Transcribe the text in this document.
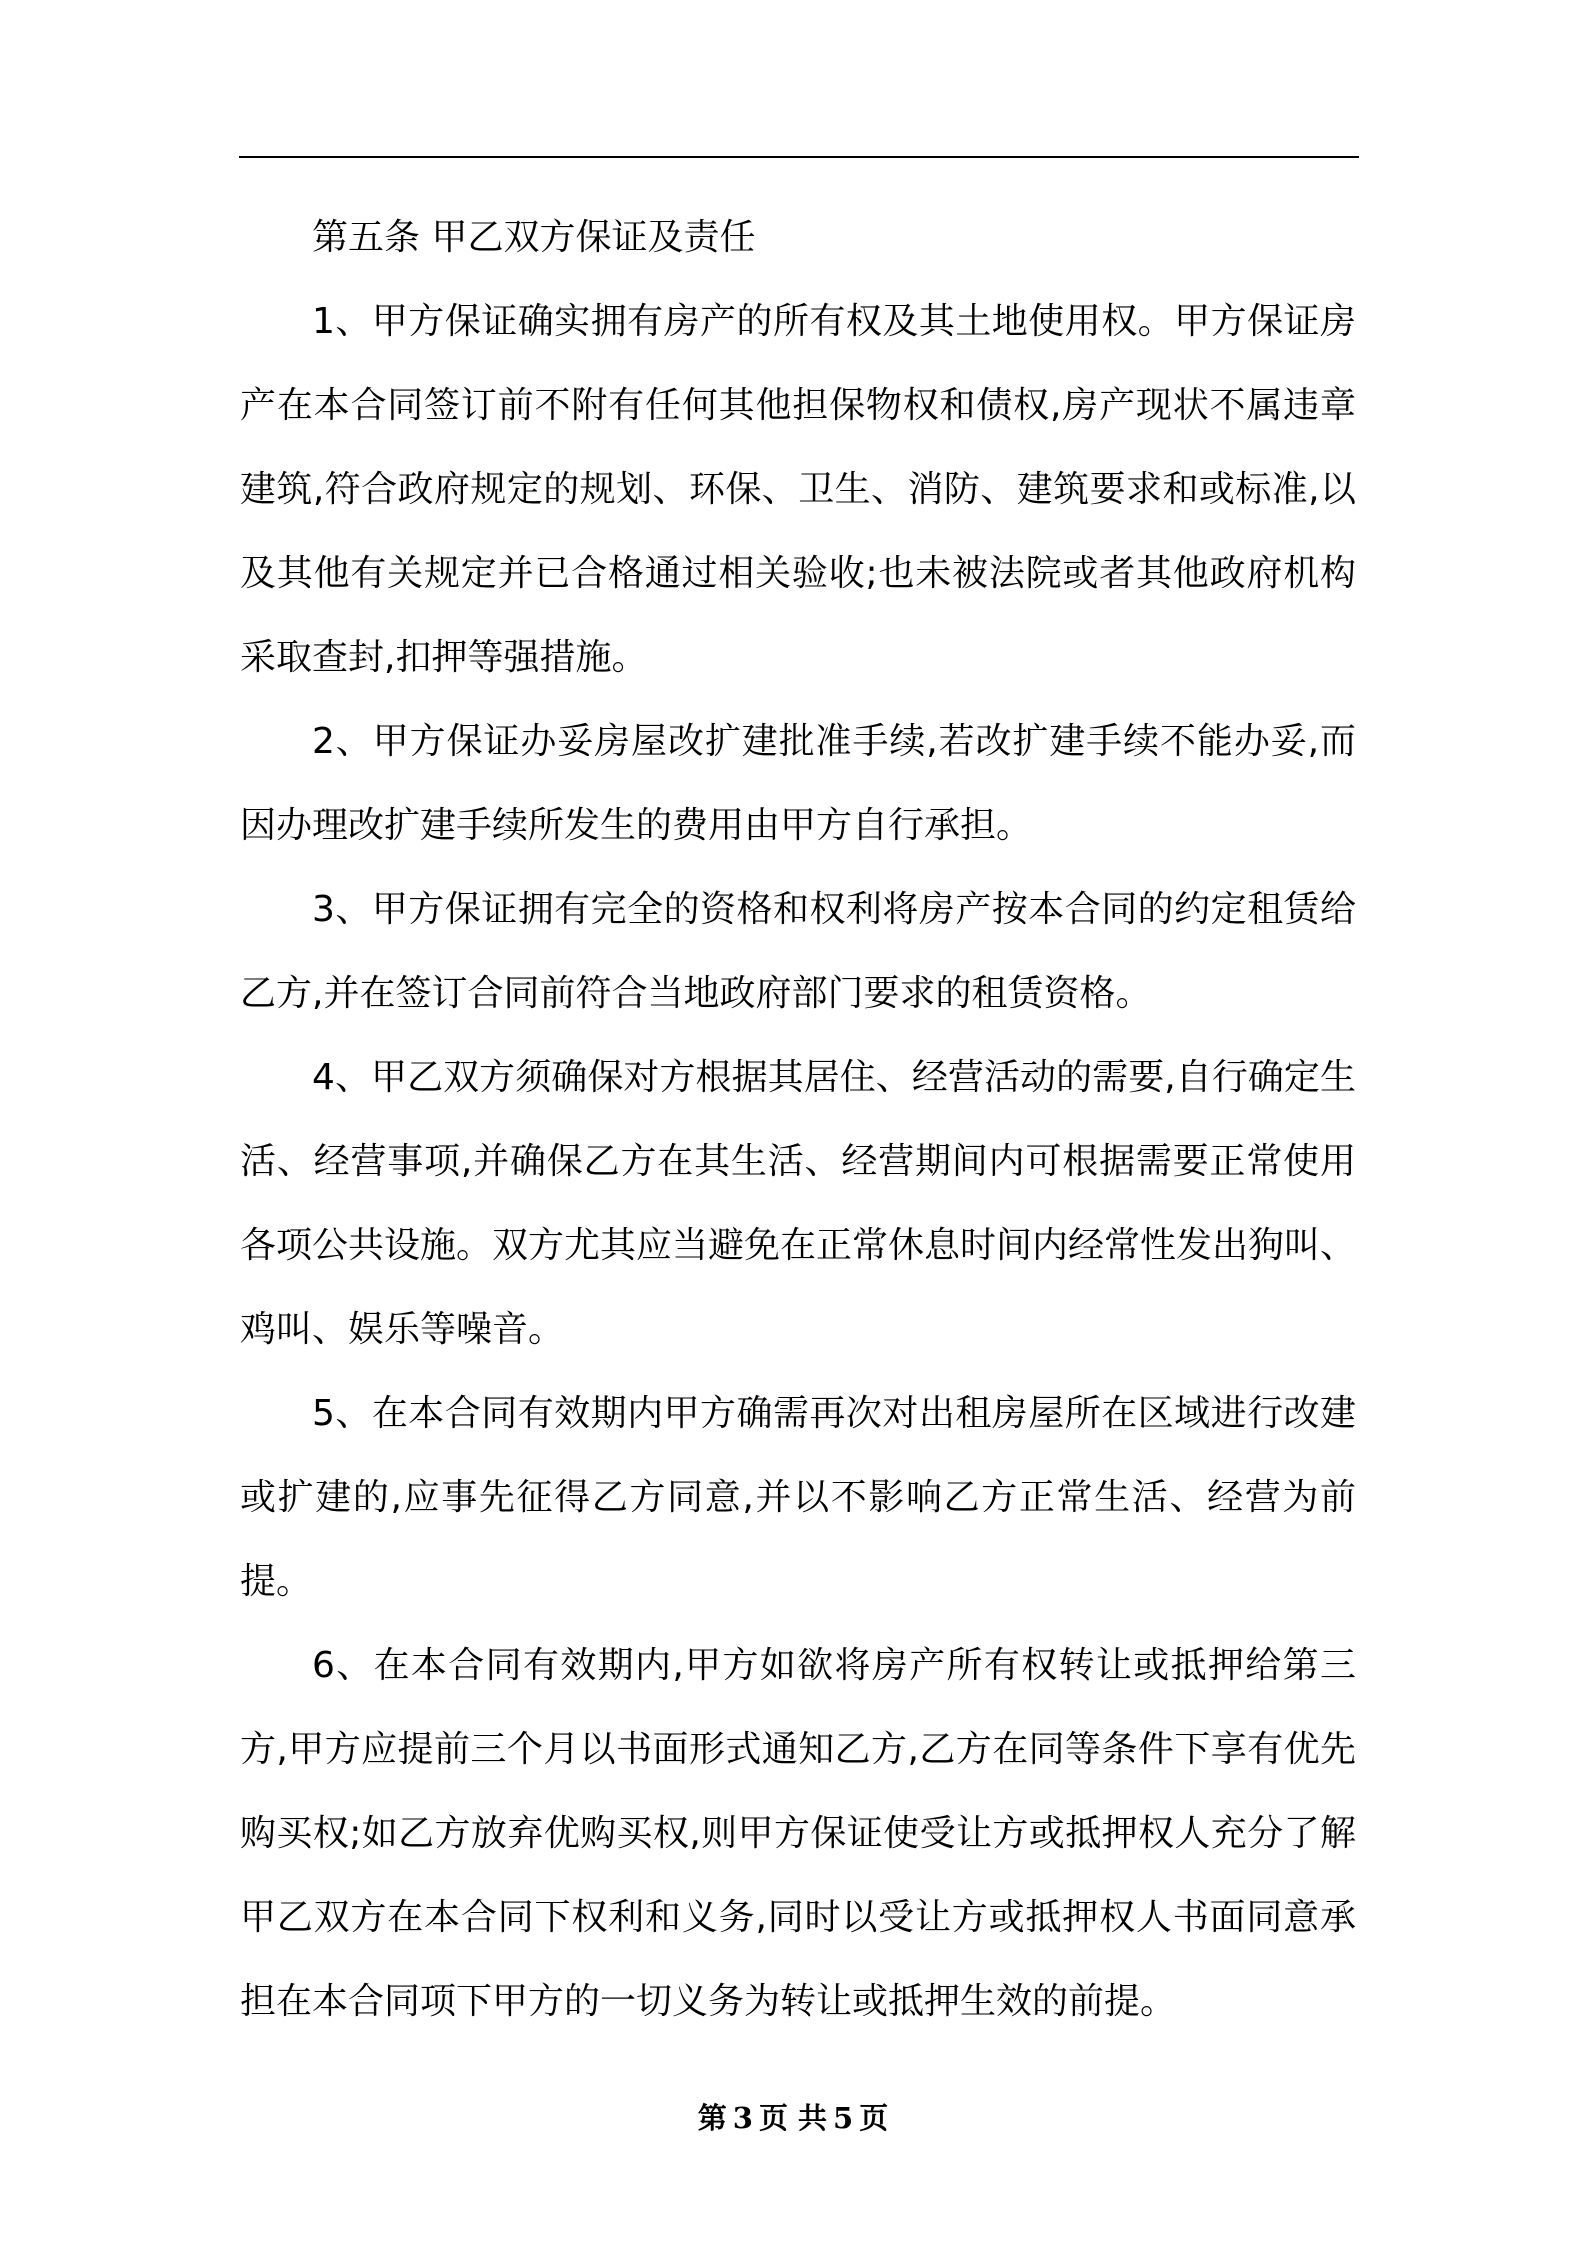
第五条 甲乙双方保证及责任

1、甲方保证确实拥有房产的所有权及其土地使用权。甲方保证房产在本合同签订前不附有任何其他担保物权和债权,房产现状不属违章建筑,符合政府规定的规划、环保、卫生、消防、建筑要求和或标准,以及其他有关规定并已合格通过相关验收;也未被法院或者其他政府机构采取查封,扣押等强措施。

2、甲方保证办妥房屋改扩建批准手续,若改扩建手续不能办妥,而因办理改扩建手续所发生的费用由甲方自行承担。

3、甲方保证拥有完全的资格和权利将房产按本合同的约定租赁给乙方,并在签订合同前符合当地政府部门要求的租赁资格。

4、甲乙双方须确保对方根据其居住、经营活动的需要,自行确定生活、经营事项,并确保乙方在其生活、经营期间内可根据需要正常使用各项公共设施。双方尤其应当避免在正常休息时间内经常性发出狗叫、鸡叫、娱乐等噪音。

5、在本合同有效期内甲方确需再次对出租房屋所在区域进行改建或扩建的,应事先征得乙方同意,并以不影响乙方正常生活、经营为前提。

6、在本合同有效期内,甲方如欲将房产所有权转让或抵押给第三方,甲方应提前三个月以书面形式通知乙方,乙方在同等条件下享有优先购买权;如乙方放弃优购买权,则甲方保证使受让方或抵押权人充分了解甲乙双方在本合同下权利和义务,同时以受让方或抵押权人书面同意承担在本合同项下甲方的一切义务为转让或抵押生效的前提。

第 3 页 共 5 页
